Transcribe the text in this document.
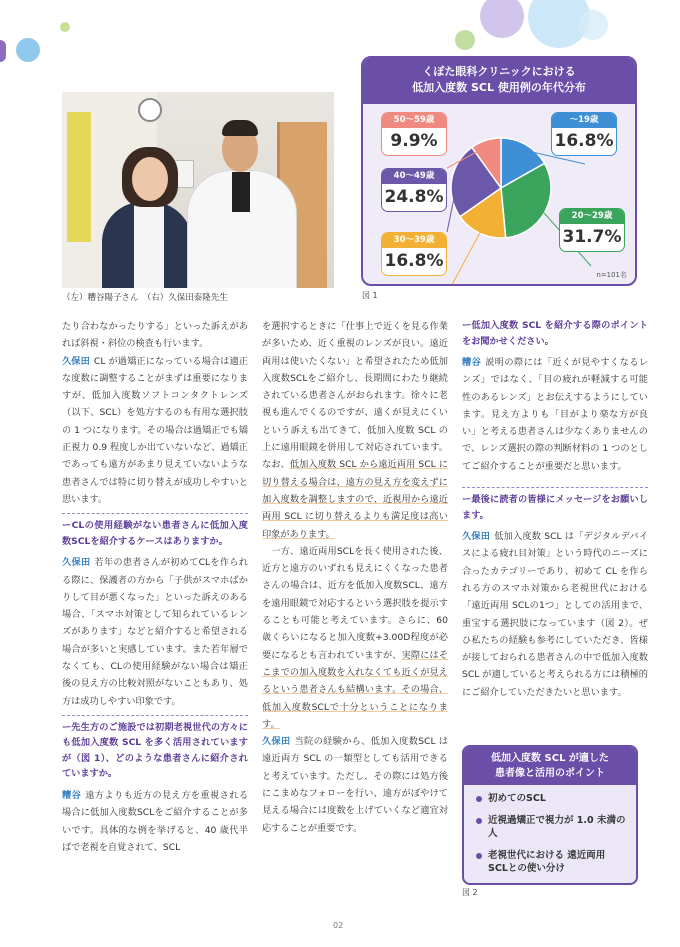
（左）糟谷陽子さん　（右）久保田泰隆先生
くぼた眼科クリニックにおける
低加入度数 SCL 使用例の年代分布
～19歳
16.8%
20～29歳
31.7%
30～39歳
16.8%
40～49歳
24.8%
50～59歳
9.9%
n=101名
図 1

たり合わなかったりする」といった訴えがあれば斜視・斜位の検査も行います。

久保田 CL が過矯正になっている場合は適正な度数に調整することがまずは重要になりますが、低加入度数ソフトコンタクトレンズ（以下、SCL）を処方するのも有用な選択肢の 1 つになります。その場合は過矯正でも矯正視力 0.9 程度しか出ていないなど、過矯正であっても遠方があまり見えていないような患者さんでは特に切り替えが成功しやすいと思います。

ーCLの使用経験がない患者さんに低加入度数SCLを紹介するケースはありますか。

久保田 若年の患者さんが初めてCLを作られる際に、保護者の方から「子供がスマホばかりして目が悪くなった」といった訴えのある場合、「スマホ対策として知られているレンズがあります」などと紹介すると希望される場合が多いと実感しています。また若年層でなくても、CLの使用経験がない場合は矯正後の見え方の比較対照がないこともあり、処方は成功しやすい印象です。

ー先生方のご施設では初期老視世代の方々にも低加入度数 SCL を多く活用されていますが（図 1）、どのような患者さんに紹介されていますか。

糟谷 遠方よりも近方の見え方を重視される場合に低加入度数SCLをご紹介することが多いです。具体的な例を挙げると、40 歳代半ばで老視を自覚されて、SCL

を選択するときに「仕事上で近くを見る作業が多いため、近く重視のレンズが良い。遠近両用は使いたくない」と希望されたため低加入度数SCLをご紹介し、長期間にわたり継続されている患者さんがおられます。徐々に老視も進んでくるのですが、遠くが見えにくいという訴えも出てきて、低加入度数 SCL の上に遠用眼鏡を併用して対応されています。なお、低加入度数 SCL から遠近両用 SCL に切り替える場合は、遠方の見え方を変えずに加入度数を調整しますので、近視用から遠近両用 SCL に切り替えるよりも満足度は高い印象があります。

一方、遠近両用SCLを長く使用された後、近方と遠方のいずれも見えにくくなった患者さんの場合は、近方を低加入度数SCL、遠方を遠用眼鏡で対応するという選択肢を提示することも可能と考えています。さらに、60 歳くらいになると加入度数+3.00D程度が必要になるとも言われていますが、実際にはそこまでの加入度数を入れなくても近くが見えるという患者さんも結構います。その場合、低加入度数SCLで十分ということになります。

久保田 当院の経験から、低加入度数SCL は遠近両方 SCL の一類型としても活用できると考えています。ただし、その際には処方後にこまめなフォローを行い、遠方がぼやけて見える場合には度数を上げていくなど適宜対応することが重要です。

ー低加入度数 SCL を紹介する際のポイントをお聞かせください。

糟谷 説明の際には「近くが見やすくなるレンズ」ではなく、「目の疲れが軽減する可能性のあるレンズ」とお伝えするようにしています。見え方よりも「目がより楽な方が良い」と考える患者さんは少なくありませんので、レンズ選択の際の判断材料の 1 つのとしてご紹介することが重要だと思います。

ー最後に読者の皆様にメッセージをお願いします。

久保田 低加入度数 SCL は「デジタルデバイスによる疲れ目対策」という時代のニーズに合ったカテゴリーであり、初めて CL を作られる方のスマホ対策から老視世代における「遠近両用 SCLの1つ」としての活用まで、重宝する選択肢になっています（図 2）。ぜひ私たちの経験も参考にしていただき、皆様が接しておられる患者さんの中で低加入度数 SCL が適していると考えられる方には積極的にご紹介していただきたいと思います。

低加入度数 SCL が適した
患者像と活用のポイント
初めてのSCL
近視過矯正で視力が 1.0 未満の人
老視世代における 遠近両用 SCLとの使い分け
図 2
02
